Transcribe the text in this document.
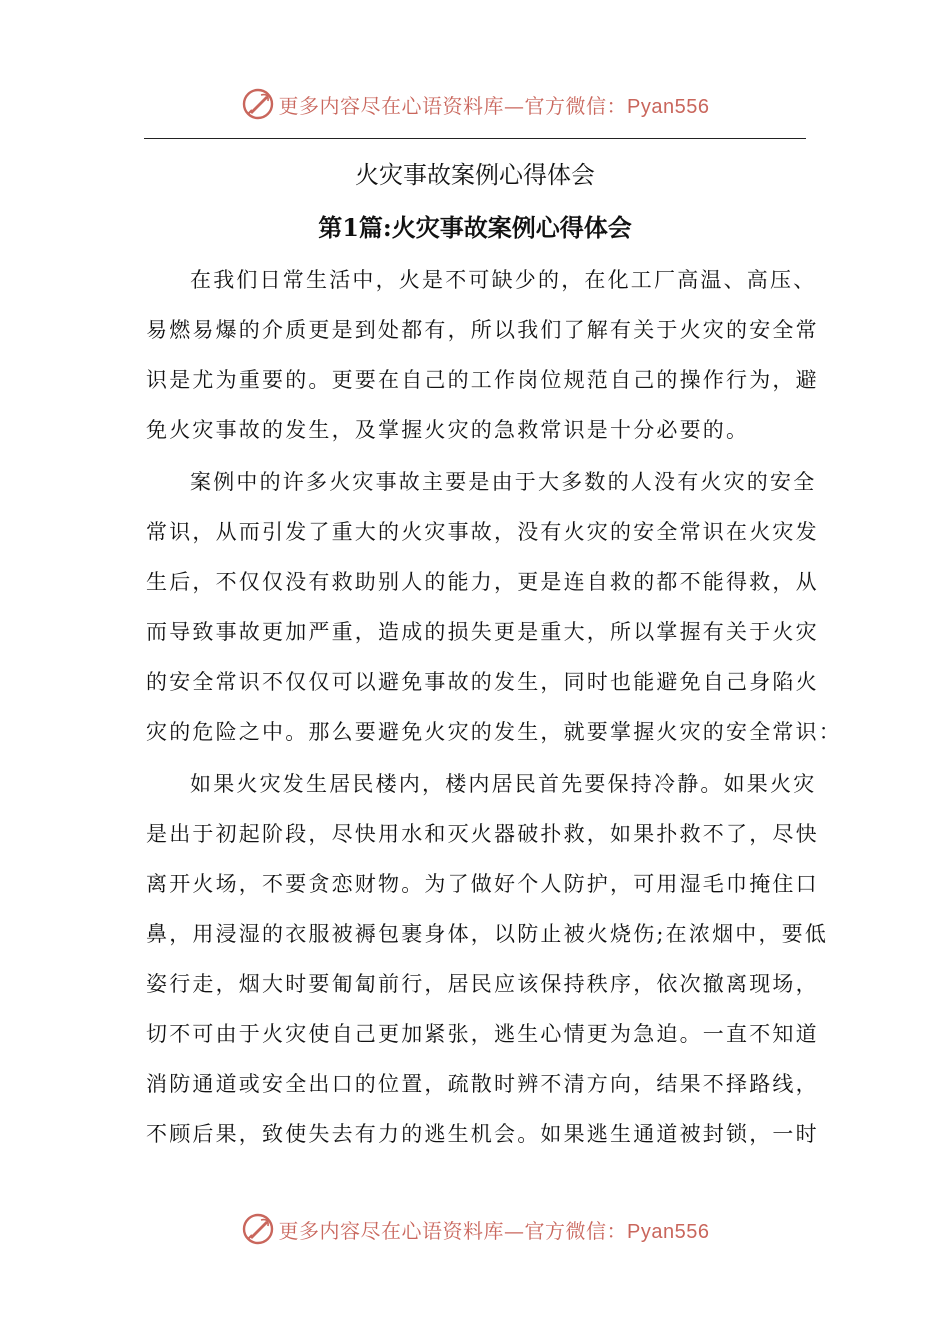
更多内容尽在心语资料库—官方微信：Pyan556
火灾事故案例心得体会
第1篇:火灾事故案例心得体会
在我们日常生活中，火是不可缺少的，在化工厂高温、高压、
易燃易爆的介质更是到处都有，所以我们了解有关于火灾的安全常
识是尤为重要的。更要在自己的工作岗位规范自己的操作行为，避
免火灾事故的发生，及掌握火灾的急救常识是十分必要的。
案例中的许多火灾事故主要是由于大多数的人没有火灾的安全
常识，从而引发了重大的火灾事故，没有火灾的安全常识在火灾发
生后，不仅仅没有救助别人的能力，更是连自救的都不能得救，从
而导致事故更加严重，造成的损失更是重大，所以掌握有关于火灾
的安全常识不仅仅可以避免事故的发生，同时也能避免自己身陷火
灾的危险之中。那么要避免火灾的发生，就要掌握火灾的安全常识：
如果火灾发生居民楼内，楼内居民首先要保持冷静。如果火灾
是出于初起阶段，尽快用水和灭火器破扑救，如果扑救不了，尽快
离开火场，不要贪恋财物。为了做好个人防护，可用湿毛巾掩住口
鼻，用浸湿的衣服被褥包裹身体，以防止被火烧伤;在浓烟中，要低
姿行走，烟大时要匍匐前行，居民应该保持秩序，依次撤离现场，
切不可由于火灾使自己更加紧张，逃生心情更为急迫。一直不知道
消防通道或安全出口的位置，疏散时辨不清方向，结果不择路线，
不顾后果，致使失去有力的逃生机会。如果逃生通道被封锁，一时
更多内容尽在心语资料库—官方微信：Pyan556
